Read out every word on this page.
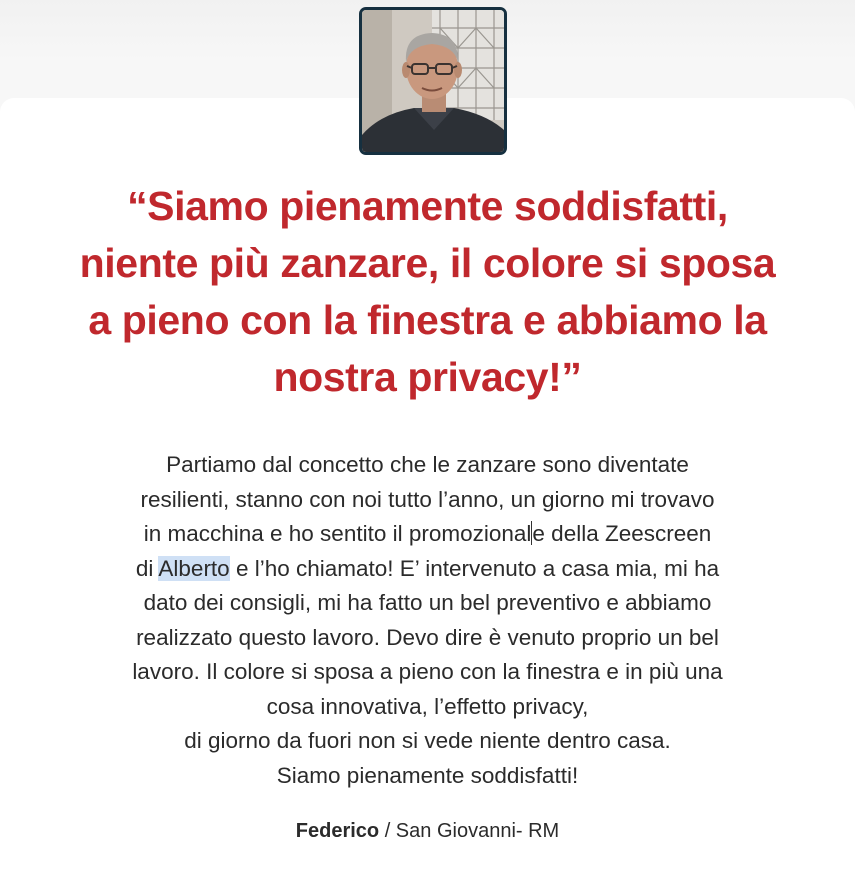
“Siamo pienamente soddisfatti,
niente più zanzare, il colore si sposa
a pieno con la finestra e abbiamo la
nostra privacy!”

Partiamo dal concetto che le zanzare sono diventate
resilienti, stanno con noi tutto l’anno, un giorno mi trovavo
in macchina e ho sentito il promozionale della Zeescreen
di Alberto e l’ho chiamato! E’ intervenuto a casa mia, mi ha
dato dei consigli, mi ha fatto un bel preventivo e abbiamo
realizzato questo lavoro. Devo dire è venuto proprio un bel
lavoro. Il colore si sposa a pieno con la finestra e in più una
cosa innovativa, l’effetto privacy,
di giorno da fuori non si vede niente dentro casa.
Siamo pienamente soddisfatti!

Federico / San Giovanni- RM
